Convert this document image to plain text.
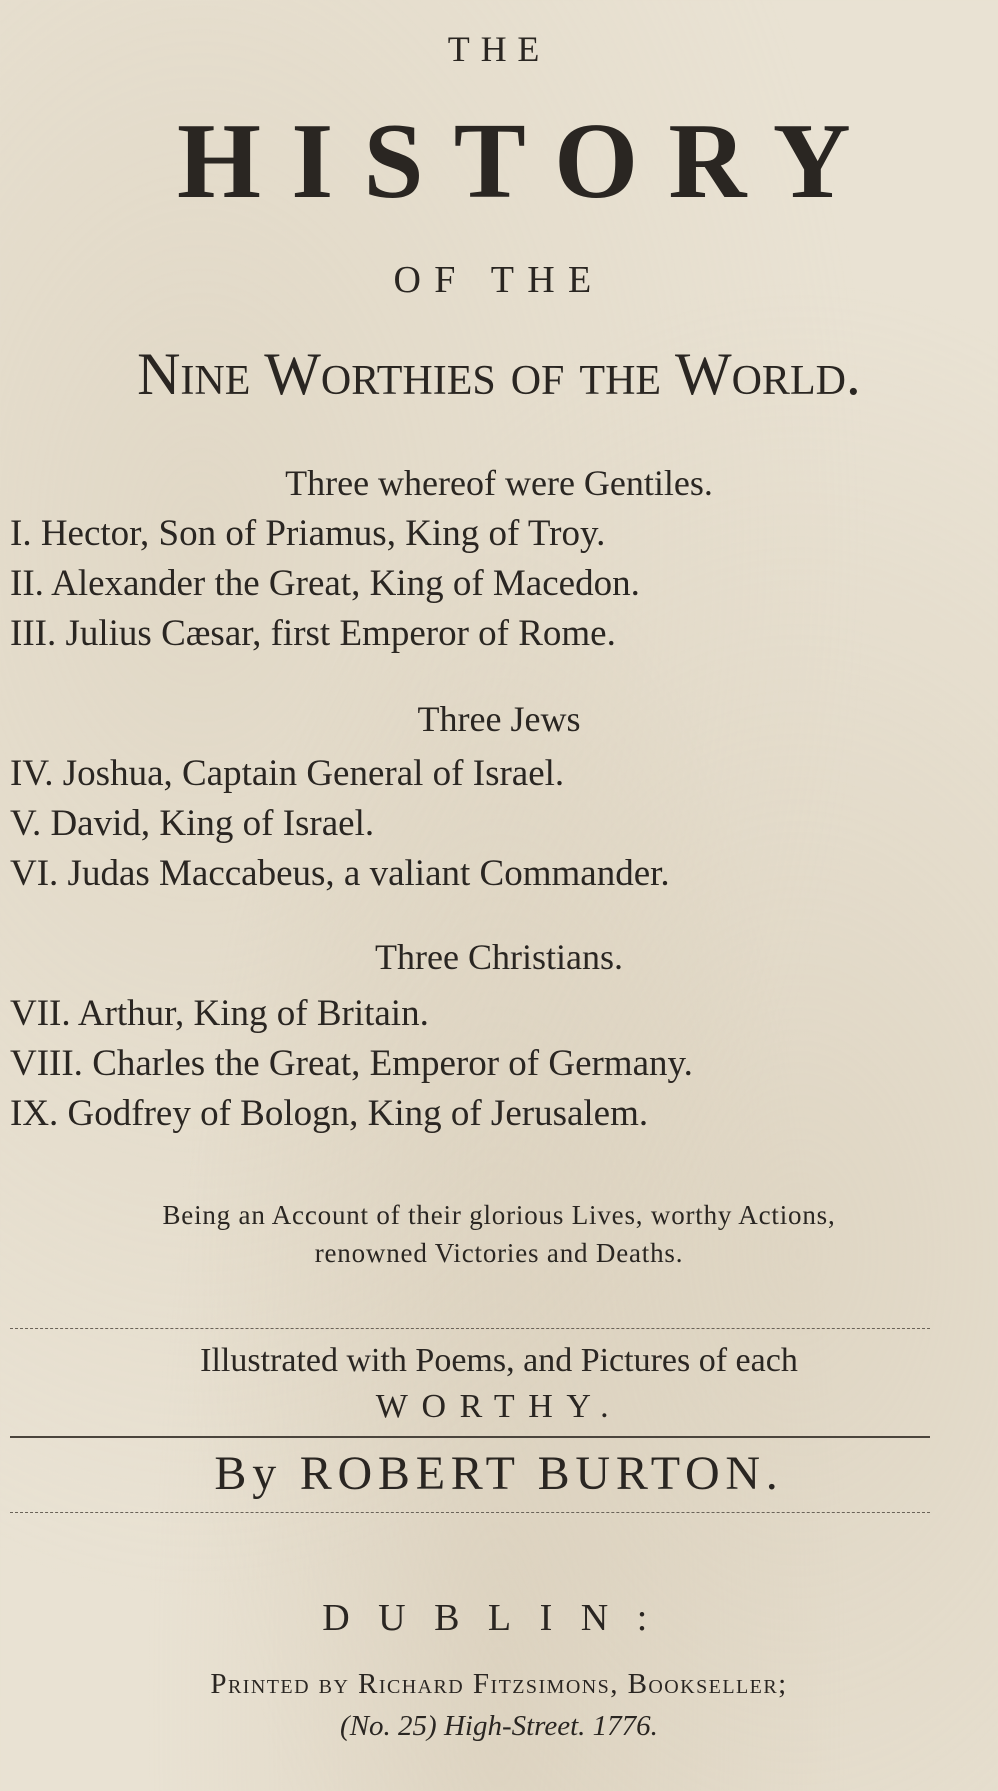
THE
HISTORY
OF THE
Nine Worthies of the World.
Three whereof were Gentiles.
I. Hector, Son of Priamus, King of Troy.
II. Alexander the Great, King of Macedon.
III. Julius Cæsar, first Emperor of Rome.
Three Jews
IV. Joshua, Captain General of Israel.
V. David, King of Israel.
VI. Judas Maccabeus, a valiant Commander.
Three Christians.
VII. Arthur, King of Britain.
VIII. Charles the Great, Emperor of Germany.
IX. Godfrey of Bologn, King of Jerusalem.
Being an Account of their glorious Lives, worthy Actions,
renowned Victories and Deaths.
Illustrated with Poems, and Pictures of each
WORTHY.
By ROBERT BURTON.
DUBLIN:
Printed by Richard Fitzsimons, Bookseller;
(No. 25) High-Street. 1776.
